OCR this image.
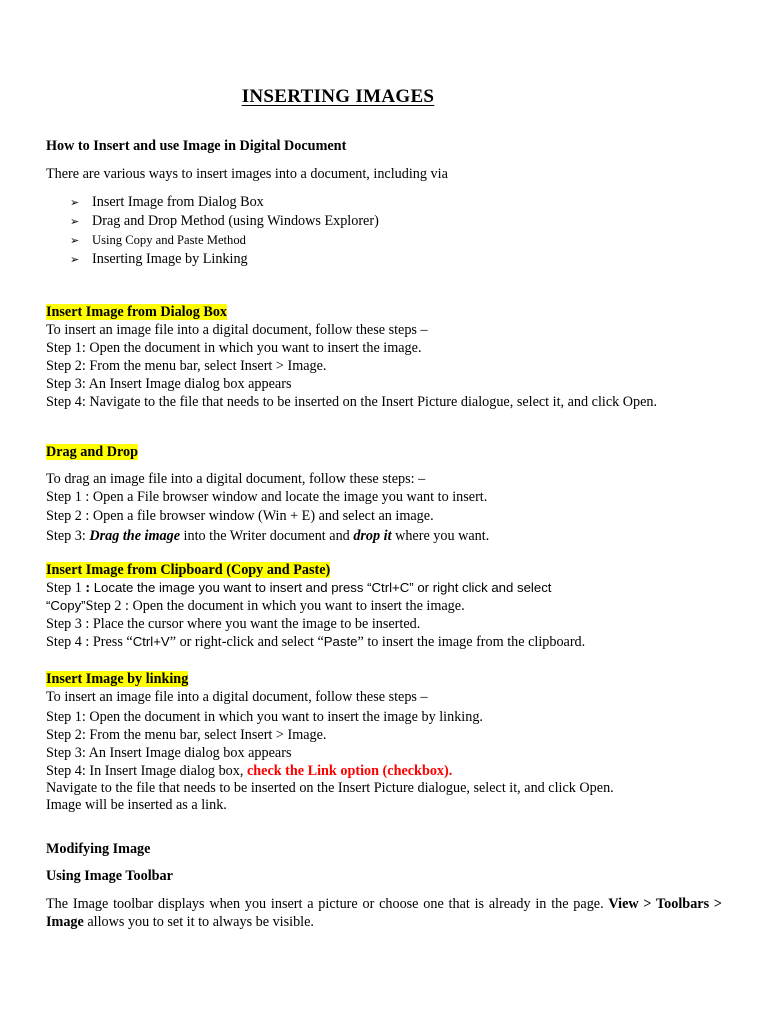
INSERTING IMAGES
How to Insert and use Image in Digital Document
There are various ways to insert images into a document, including via
➢ Insert Image from Dialog Box
➢ Drag and Drop Method (using Windows Explorer)
➢ Using Copy and Paste Method
➢ Inserting Image by Linking
Insert Image from Dialog Box
To insert an image file into a digital document, follow these steps –
Step 1: Open the document in which you want to insert the image.
Step 2: From the menu bar, select Insert > Image.
Step 3: An Insert Image dialog box appears
Step 4: Navigate to the file that needs to be inserted on the Insert Picture dialogue, select it, and click Open.
Drag and Drop
To drag an image file into a digital document, follow these steps: –
Step 1 : Open a File browser window and locate the image you want to insert.
Step 2 : Open a file browser window (Win + E) and select an image.
Step 3: Drag the image into the Writer document and drop it where you want.
Insert Image from Clipboard (Copy and Paste)
Step 1 : Locate the image you want to insert and press “Ctrl+C” or right click and select
“Copy”Step 2 : Open the document in which you want to insert the image.
Step 3 : Place the cursor where you want the image to be inserted.
Step 4 : Press “Ctrl+V” or right-click and select “Paste” to insert the image from the clipboard.
Insert Image by linking
To insert an image file into a digital document, follow these steps –
Step 1: Open the document in which you want to insert the image by linking.
Step 2: From the menu bar, select Insert > Image.
Step 3: An Insert Image dialog box appears
Step 4: In Insert Image dialog box, check the Link option (checkbox).
Navigate to the file that needs to be inserted on the Insert Picture dialogue, select it, and click Open.
Image will be inserted as a link.
Modifying Image
Using Image Toolbar
The Image toolbar displays when you insert a picture or choose one that is already in the page. View > Toolbars > Image allows you to set it to always be visible.
